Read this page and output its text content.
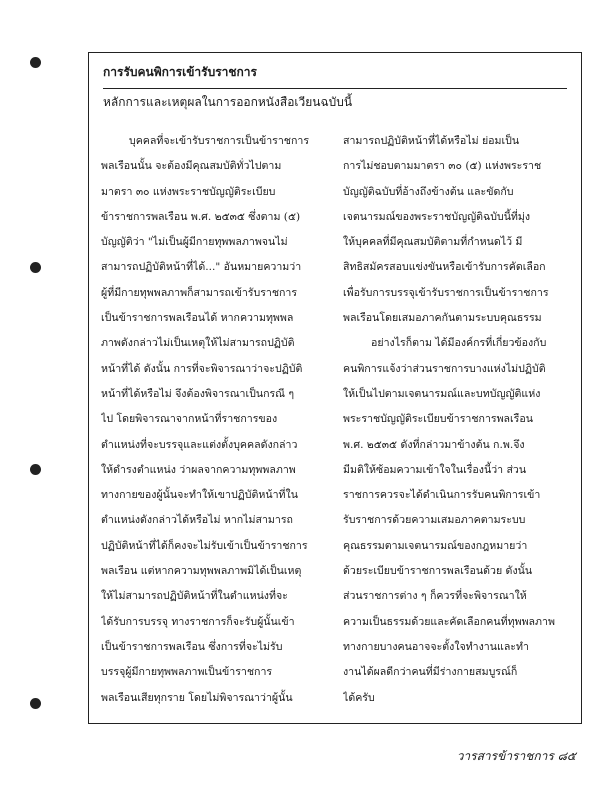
การรับคนพิการเข้ารับราชการ
หลักการและเหตุผลในการออกหนังสือเวียนฉบับนี้
บุคคลที่จะเข้ารับราชการเป็นข้าราชการ
พลเรือนนั้น จะต้องมีคุณสมบัติทั่วไปตาม
มาตรา ๓๐ แห่งพระราชบัญญัติระเบียบ
ข้าราชการพลเรือน พ.ศ. ๒๕๓๕ ซึ่งตาม (๕)
บัญญัติว่า "ไม่เป็นผู้มีกายทุพพลภาพจนไม่
สามารถปฏิบัติหน้าที่ได้..." อันหมายความว่า
ผู้ที่มีกายทุพพลภาพก็สามารถเข้ารับราชการ
เป็นข้าราชการพลเรือนได้ หากความทุพพล
ภาพดังกล่าวไม่เป็นเหตุให้ไม่สามารถปฏิบัติ
หน้าที่ได้ ดังนั้น การที่จะพิจารณาว่าจะปฏิบัติ
หน้าที่ได้หรือไม่ จึงต้องพิจารณาเป็นกรณี ๆ
ไป โดยพิจารณาจากหน้าที่ราชการของ
ตำแหน่งที่จะบรรจุและแต่งตั้งบุคคลดังกล่าว
ให้ดำรงตำแหน่ง ว่าผลจากความทุพพลภาพ
ทางกายของผู้นั้นจะทำให้เขาปฏิบัติหน้าที่ใน
ตำแหน่งดังกล่าวได้หรือไม่ หากไม่สามารถ
ปฏิบัติหน้าที่ได้ก็คงจะไม่รับเข้าเป็นข้าราชการ
พลเรือน แต่หากความทุพพลภาพมิได้เป็นเหตุ
ให้ไม่สามารถปฏิบัติหน้าที่ในตำแหน่งที่จะ
ได้รับการบรรจุ ทางราชการก็จะรับผู้นั้นเข้า
เป็นข้าราชการพลเรือน ซึ่งการที่จะไม่รับ
บรรจุผู้มีกายทุพพลภาพเป็นข้าราชการ
พลเรือนเสียทุกราย โดยไม่พิจารณาว่าผู้นั้น
สามารถปฏิบัติหน้าที่ได้หรือไม่ ย่อมเป็น
การไม่ชอบตามมาตรา ๓๐ (๕) แห่งพระราช
บัญญัติฉบับที่อ้างถึงข้างต้น และขัดกับ
เจตนารมณ์ของพระราชบัญญัติฉบับนี้ที่มุ่ง
ให้บุคคลที่มีคุณสมบัติตามที่กำหนดไว้ มี
สิทธิสมัครสอบแข่งขันหรือเข้ารับการคัดเลือก
เพื่อรับการบรรจุเข้ารับราชการเป็นข้าราชการ
พลเรือนโดยเสมอภาคกันตามระบบคุณธรรม
อย่างไรก็ตาม ได้มีองค์กรที่เกี่ยวข้องกับ
คนพิการแจ้งว่าส่วนราชการบางแห่งไม่ปฏิบัติ
ให้เป็นไปตามเจตนารมณ์และบทบัญญัติแห่ง
พระราชบัญญัติระเบียบข้าราชการพลเรือน
พ.ศ. ๒๕๓๕ ดังที่กล่าวมาข้างต้น ก.พ.จึง
มีมติให้ซ้อมความเข้าใจในเรื่องนี้ว่า ส่วน
ราชการควรจะได้ดำเนินการรับคนพิการเข้า
รับราชการด้วยความเสมอภาคตามระบบ
คุณธรรมตามเจตนารมณ์ของกฎหมายว่า
ด้วยระเบียบข้าราชการพลเรือนด้วย ดังนั้น
ส่วนราชการต่าง ๆ ก็ควรที่จะพิจารณาให้
ความเป็นธรรมด้วยและคัดเลือกคนที่ทุพพลภาพ
ทางกายบางคนอาจจะตั้งใจทำงานและทำ
งานได้ผลดีกว่าคนที่มีร่างกายสมบูรณ์ก็
ได้ครับ
วารสารข้าราชการ ๘๕
